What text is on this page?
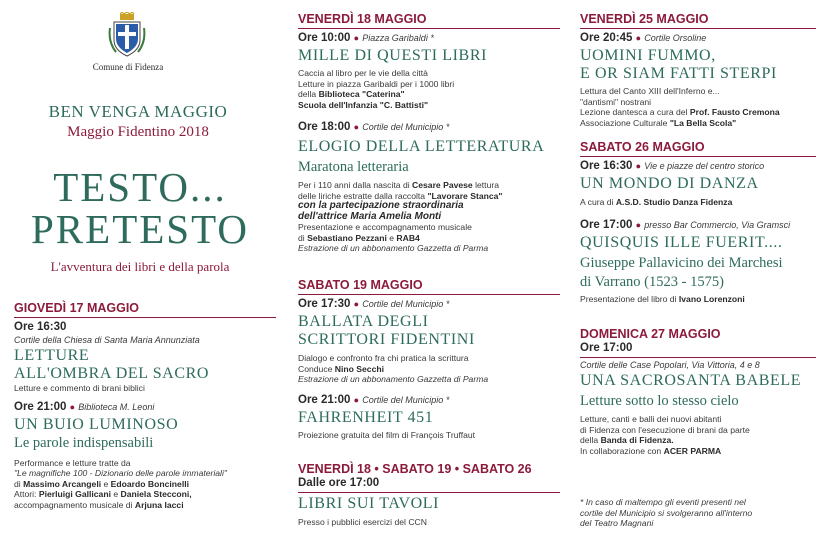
Comune di Fidenza
BEN VENGA MAGGIO
Maggio Fidentino 2018
TESTO...
PRETESTO
L'avventura dei libri e della parola
GIOVEDÌ 17 MAGGIO
Ore 16:30
Cortile della Chiesa di Santa Maria Annunziata
LETTURE
ALL'OMBRA DEL SACRO
Letture e commento di brani biblici
Ore 21:00 ● Biblioteca M. Leoni
UN BUIO LUMINOSO
Le parole indispensabili
Performance e letture tratte da
"Le magnifiche 100 - Dizionario delle parole immateriali"
di Massimo Arcangeli e Edoardo Boncinelli
Attori: Pierluigi Gallicani e Daniela Stecconi,
accompagnamento musicale di Arjuna Iacci
VENERDÌ 18 MAGGIO
Ore 10:00 ● Piazza Garibaldi *
MILLE DI QUESTI LIBRI
Caccia al libro per le vie della città
Letture in piazza Garibaldi per i 1000 libri
della Biblioteca "Caterina"
Scuola dell'Infanzia "C. Battisti"
Ore 18:00 ● Cortile del Municipio *
ELOGIO DELLA LETTERATURA
Maratona letteraria
Per i 110 anni dalla nascita di Cesare Pavese lettura
delle liriche estratte dalla raccolta "Lavorare Stanca"
con la partecipazione straordinaria
dell'attrice Maria Amelia Monti
Presentazione e accompagnamento musicale
di Sebastiano Pezzani e RAB4
Estrazione di un abbonamento Gazzetta di Parma
SABATO 19 MAGGIO
Ore 17:30 ● Cortile del Municipio *
BALLATA DEGLI
SCRITTORI FIDENTINI
Dialogo e confronto fra chi pratica la scrittura
Conduce Nino Secchi
Estrazione di un abbonamento Gazzetta di Parma
Ore 21:00 ● Cortile del Municipio *
FAHRENHEIT 451
Proiezione gratuita del film di François Truffaut
VENERDÌ 18 • SABATO 19 • SABATO 26
Dalle ore 17:00
LIBRI SUI TAVOLI
Presso i pubblici esercizi del CCN
VENERDÌ 25 MAGGIO
Ore 20:45 ● Cortile Orsoline
UOMINI FUMMO,
E OR SIAM FATTI STERPI
Lettura del Canto XIII dell'Inferno e...
"dantismi" nostrani
Lezione dantesca a cura del Prof. Fausto Cremona
Associazione Culturale "La Bella Scola"
SABATO 26 MAGGIO
Ore 16:30 ● Vie e piazze del centro storico
UN MONDO DI DANZA
A cura di A.S.D. Studio Danza Fidenza
Ore 17:00 ● presso Bar Commercio, Via Gramsci
QUISQUIS ILLE FUERIT....
Giuseppe Pallavicino dei Marchesi
di Varrano (1523 - 1575)
Presentazione del libro di Ivano Lorenzoni
DOMENICA 27 MAGGIO
Ore 17:00
Cortile delle Case Popolari, Via Vittoria, 4 e 8
UNA SACROSANTA BABELE
Letture sotto lo stesso cielo
Letture, canti e balli dei nuovi abitanti
di Fidenza con l'esecuzione di brani da parte
della Banda di Fidenza.
In collaborazione con ACER PARMA
* In caso di maltempo gli eventi presenti nel
cortile del Municipio si svolgeranno all'interno
del Teatro Magnani
